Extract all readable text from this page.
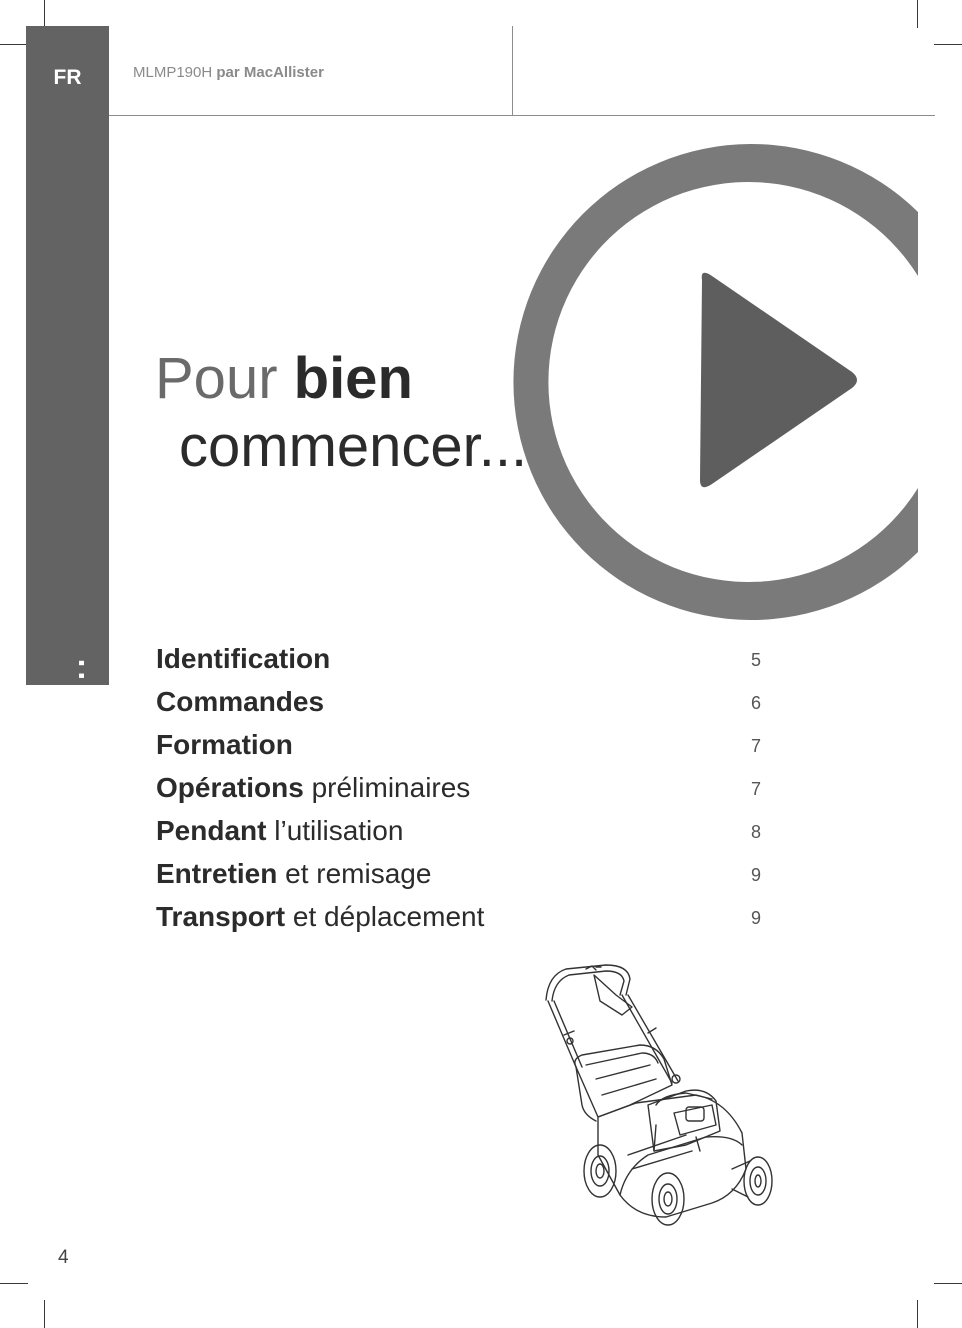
FR
Pour bien commencer...
MLMP190H par MacAllister
Pour bien
commencer...
Identification	5
Commandes	6
Formation	7
Opérations préliminaires	7
Pendant l’utilisation	8
Entretien et remisage	9
Transport et déplacement	9
4
